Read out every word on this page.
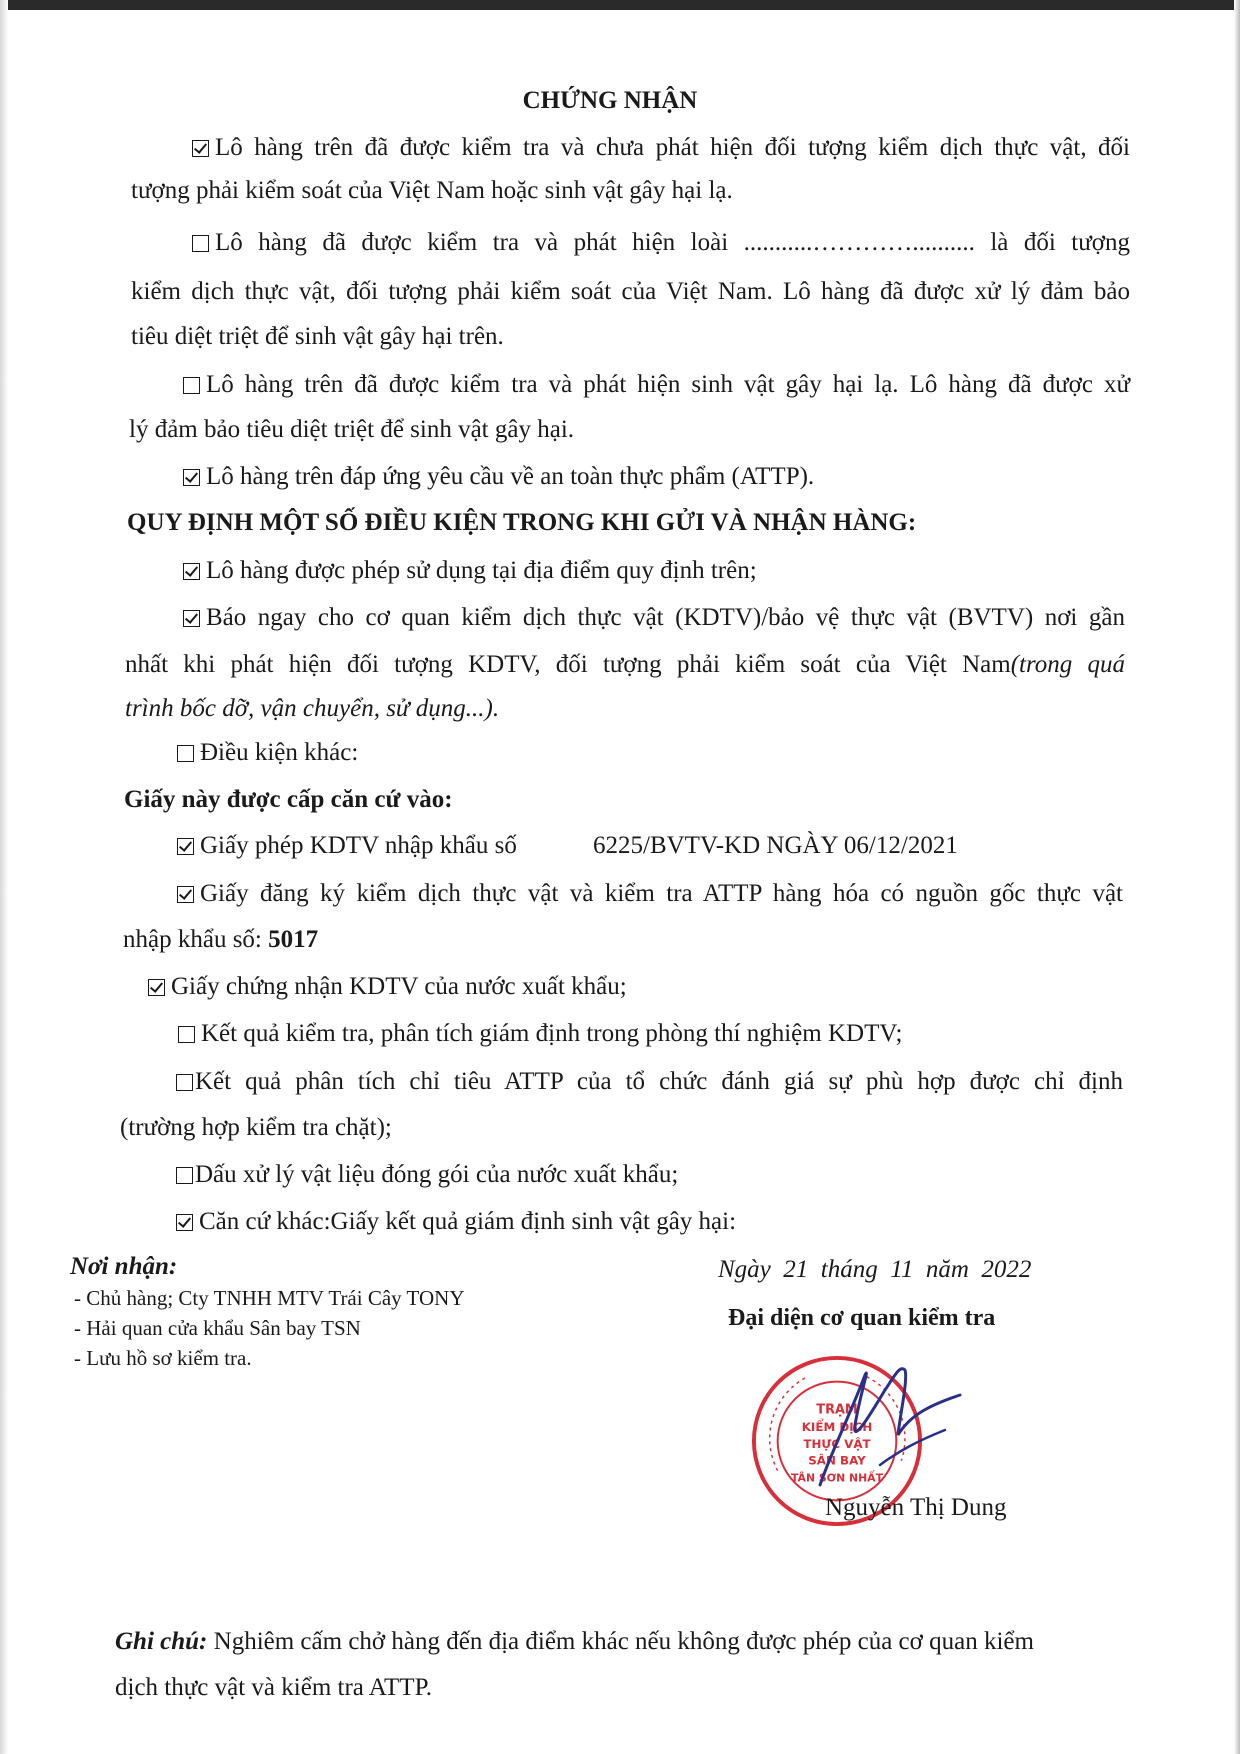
CHỨNG NHẬN
Lô hàng trên đã được kiểm tra và chưa phát hiện đối tượng kiểm dịch thực vật, đối
tượng phải kiểm soát của Việt Nam hoặc sinh vật gây hại lạ.
Lô hàng đã được kiểm tra và phát hiện loài ...........………….......... là đối tượng
kiểm dịch thực vật, đối tượng phải kiểm soát của Việt Nam. Lô hàng đã được xử lý đảm bảo
tiêu diệt triệt để sinh vật gây hại trên.
Lô hàng trên đã được kiểm tra và phát hiện sinh vật gây hại lạ. Lô hàng đã được xử
lý đảm bảo tiêu diệt triệt để sinh vật gây hại.
Lô hàng trên đáp ứng yêu cầu về an toàn thực phẩm (ATTP).
QUY ĐỊNH MỘT SỐ ĐIỀU KIỆN TRONG KHI GỬI VÀ NHẬN HÀNG:
Lô hàng được phép sử dụng tại địa điểm quy định trên;
Báo ngay cho cơ quan kiểm dịch thực vật (KDTV)/bảo vệ thực vật (BVTV) nơi gần
nhất khi phát hiện đối tượng KDTV, đối tượng phải kiểm soát của Việt Nam(trong quá
trình bốc dỡ, vận chuyển, sử dụng...).
Điều kiện khác:
Giấy này được cấp căn cứ vào:
Giấy phép KDTV nhập khẩu số	6225/BVTV-KD NGÀY 06/12/2021
Giấy đăng ký kiểm dịch thực vật và kiểm tra ATTP hàng hóa có nguồn gốc thực vật
nhập khẩu số: 5017
Giấy chứng nhận KDTV của nước xuất khẩu;
Kết quả kiểm tra, phân tích giám định trong phòng thí nghiệm KDTV;
Kết quả phân tích chỉ tiêu ATTP của tổ chức đánh giá sự phù hợp được chỉ định
(trường hợp kiểm tra chặt);
Dấu xử lý vật liệu đóng gói của nước xuất khẩu;
Căn cứ khác:Giấy kết quả giám định sinh vật gây hại:
Nơi nhận:
- Chủ hàng; Cty TNHH MTV Trái Cây TONY
- Hải quan cửa khẩu Sân bay TSN
- Lưu hồ sơ kiểm tra.
Ngày  21  tháng  11  năm  2022
Đại diện cơ quan kiểm tra
TRẠM
KIỂM DỊCH
THỰC VẬT
SÂN BAY
TÂN SƠN NHẤT
Nguyễn Thị Dung
Ghi chú: Nghiêm cấm chở hàng đến địa điểm khác nếu không được phép của cơ quan kiểm
dịch thực vật và kiểm tra ATTP.
